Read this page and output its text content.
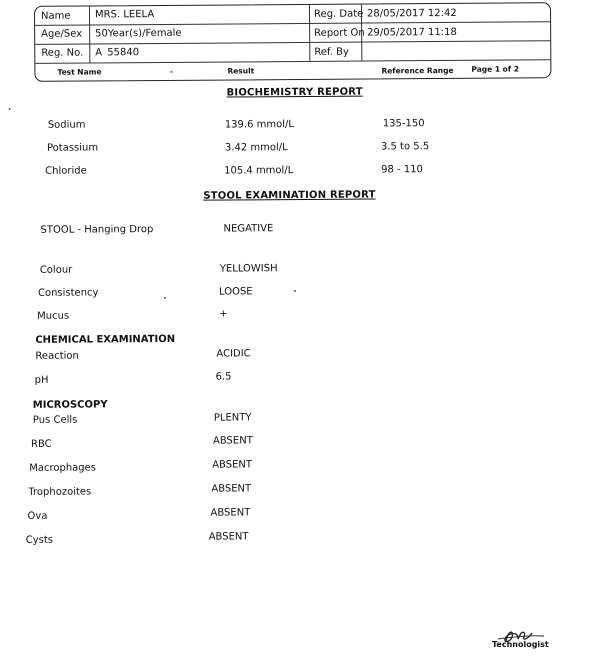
Name MRS. LEELA
Age/Sex 50Year(s)/Female
Reg. No. A 55840
Reg. Date 28/05/2017 12:42
Report On 29/05/2017 11:18
Ref. By
Test Name	Result	Reference Range Page 1 of 2
BIOCHEMISTRY REPORT
Sodium	139.6 mmol/L	135-150
Potassium	3.42 mmol/L	3.5 to 5.5
Chloride	105.4 mmol/L	98 - 110
STOOL EXAMINATION REPORT
STOOL - Hanging Drop	NEGATIVE
Colour	YELLOWISH
Consistency	LOOSE
Mucus	+
CHEMICAL EXAMINATION
Reaction	ACIDIC
pH	6.5
MICROSCOPY
Pus Cells	PLENTY
RBC	ABSENT
Macrophages	ABSENT
Trophozoites	ABSENT
Ova	ABSENT
Cysts	ABSENT
Technologist
